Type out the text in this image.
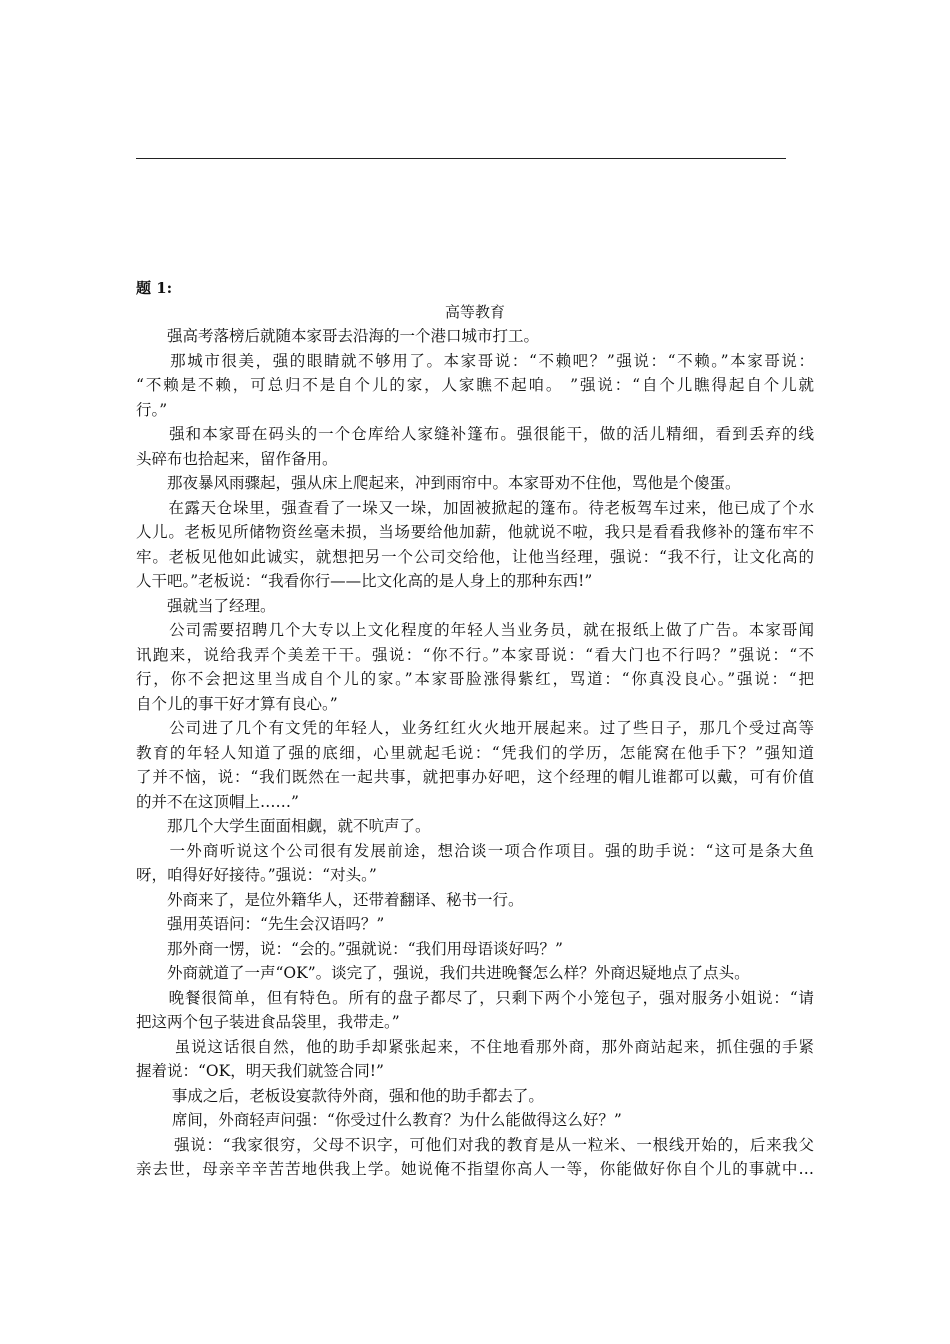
题 1:
高等教育
　　强高考落榜后就随本家哥去沿海的一个港口城市打工。
　　那城市很美，强的眼睛就不够用了。本家哥说：“不赖吧？”强说：“不赖。”本家哥说：
“不赖是不赖，可总归不是自个儿的家，人家瞧不起咱。 ”强说：“自个儿瞧得起自个儿就
行。”
　　强和本家哥在码头的一个仓库给人家缝补篷布。强很能干，做的活儿精细，看到丢弃的线
头碎布也拾起来，留作备用。
　　那夜暴风雨骤起，强从床上爬起来，冲到雨帘中。本家哥劝不住他，骂他是个傻蛋。
　　在露天仓垛里，强查看了一垛又一垛，加固被掀起的篷布。待老板驾车过来，他已成了个水
人儿。老板见所储物资丝毫未损，当场要给他加薪，他就说不啦，我只是看看我修补的篷布牢不
牢。老板见他如此诚实，就想把另一个公司交给他，让他当经理，强说：“我不行，让文化高的
人干吧。”老板说：“我看你行——比文化高的是人身上的那种东西!”
　　强就当了经理。
　　公司需要招聘几个大专以上文化程度的年轻人当业务员，就在报纸上做了广告。本家哥闻
讯跑来，说给我弄个美差干干。强说：“你不行。”本家哥说：“看大门也不行吗？”强说：“不
行，你不会把这里当成自个儿的家。”本家哥脸涨得紫红，骂道：“你真没良心。”强说：“把
自个儿的事干好才算有良心。”
　　公司进了几个有文凭的年轻人，业务红红火火地开展起来。过了些日子，那几个受过高等
教育的年轻人知道了强的底细，心里就起毛说：“凭我们的学历，怎能窝在他手下？”强知道
了并不恼，说：“我们既然在一起共事，就把事办好吧，这个经理的帽儿谁都可以戴，可有价值
的并不在这顶帽上……”
　　那几个大学生面面相觑，就不吭声了。
　　一外商听说这个公司很有发展前途，想洽谈一项合作项目。强的助手说：“这可是条大鱼
呀，咱得好好接待。”强说：“对头。”
　　外商来了，是位外籍华人，还带着翻译、秘书一行。
　　强用英语问：“先生会汉语吗？”
　　那外商一愣，说：“会的。”强就说：“我们用母语谈好吗？”
　　外商就道了一声“OK”。谈完了，强说，我们共进晚餐怎么样？外商迟疑地点了点头。
　　晚餐很简单，但有特色。所有的盘子都尽了，只剩下两个小笼包子，强对服务小姐说：“请
把这两个包子装进食品袋里，我带走。”
　　 虽说这话很自然，他的助手却紧张起来，不住地看那外商，那外商站起来，抓住强的手紧
握着说：“OK，明天我们就签合同!”
　　 事成之后，老板设宴款待外商，强和他的助手都去了。
　　 席间，外商轻声问强：“你受过什么教育？为什么能做得这么好？”
　　 强说：“我家很穷，父母不识字，可他们对我的教育是从一粒米、一根线开始的，后来我父
亲去世，母亲辛辛苦苦地供我上学。她说俺不指望你高人一等，你能做好你自个儿的事就中…
